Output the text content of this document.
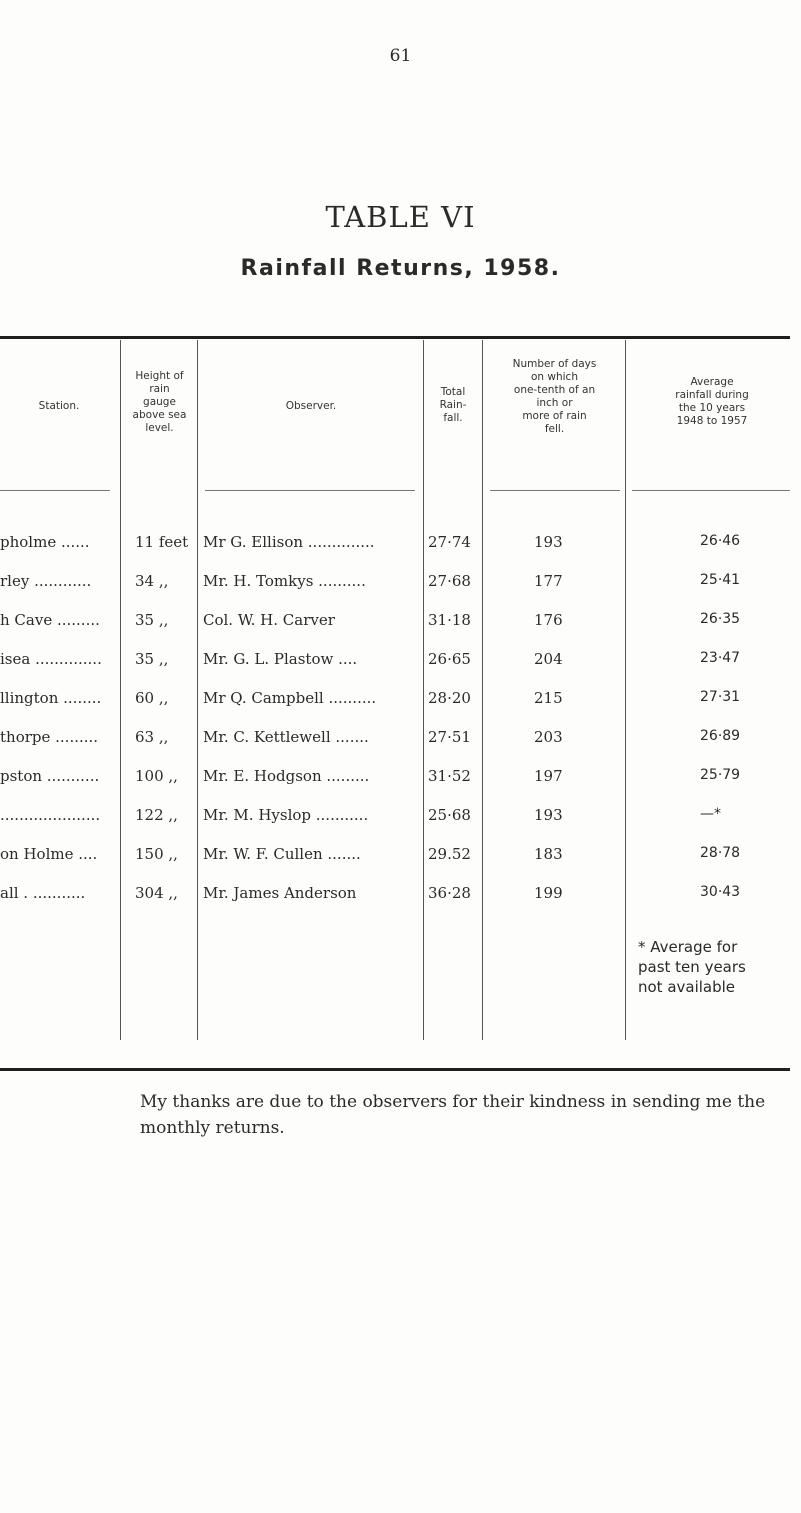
61
TABLE VI
Rainfall Returns, 1958.
Station.
Height of
rain
gauge
above sea
level.
Observer.
Total
Rain-
fall.
Number of days
on which
one-tenth of an
inch or
more of rain
fell.
Average
rainfall during
the 10 years
1948 to 1957
pholme ......	11 feet Mr G. Ellison ..............	27·74	193	26·46
rley ............	34 ,, Mr. H. Tomkys ..........	27·68	177	25·41
h Cave ......... 35 ,, Col. W. H. Carver	31·18	176	26·35
isea .............. 35 ,, Mr. G. L. Plastow ....	26·65	204	23·47
llington ........ 60 ,, Mr Q. Campbell ..........	28·20	215	27·31
thorpe ......... 63 ,, Mr. C. Kettlewell .......	27·51	203	26·89
pston ........... 100 ,, Mr. E. Hodgson .........	31·52	197	25·79
..................... 122 ,, Mr. M. Hyslop ...........	25·68	193	—*
on Holme ....	150 ,, Mr. W. F. Cullen .......	29.52	183	28·78
all . ...........	304 ,, Mr. James Anderson	36·28	199	30·43
* Average for
past ten years
not available
My thanks are due to the observers for their kindness in sending me the monthly returns.
